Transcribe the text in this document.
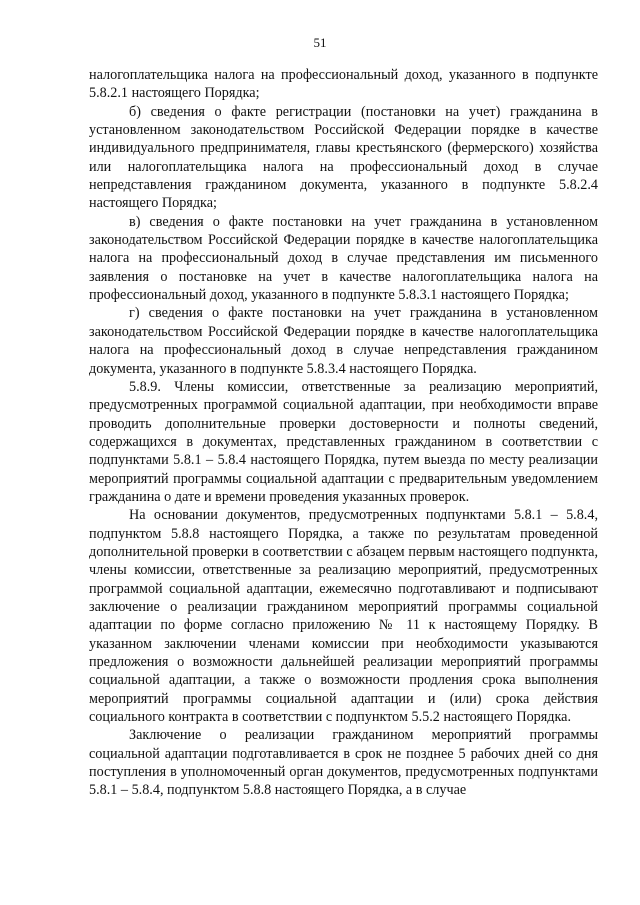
51

налогоплательщика налога на профессиональный доход, указанного в подпункте 5.8.2.1 настоящего Порядка;

б) сведения о факте регистрации (постановки на учет) гражданина в установленном законодательством Российской Федерации порядке в качестве индивидуального предпринимателя, главы крестьянского (фермерского) хозяйства или налогоплательщика налога на профессиональный доход в случае непредставления гражданином документа, указанного в подпункте 5.8.2.4 настоящего Порядка;

в) сведения о факте постановки на учет гражданина в установленном законодательством Российской Федерации порядке в качестве налогоплательщика налога на профессиональный доход в случае представления им письменного заявления о постановке на учет в качестве налогоплательщика налога на профессиональный доход, указанного в подпункте 5.8.3.1 настоящего Порядка;

г) сведения о факте постановки на учет гражданина в установленном законодательством Российской Федерации порядке в качестве налогоплательщика налога на профессиональный доход в случае непредставления гражданином документа, указанного в подпункте 5.8.3.4 настоящего Порядка.

5.8.9. Члены комиссии, ответственные за реализацию мероприятий, предусмотренных программой социальной адаптации, при необходимости вправе проводить дополнительные проверки достоверности и полноты сведений, содержащихся в документах, представленных гражданином в соответствии с подпунктами 5.8.1 – 5.8.4 настоящего Порядка, путем выезда по месту реализации мероприятий программы социальной адаптации с предварительным уведомлением гражданина о дате и времени проведения указанных проверок.

На основании документов, предусмотренных подпунктами 5.8.1 – 5.8.4, подпунктом 5.8.8 настоящего Порядка, а также по результатам проведенной дополнительной проверки в соответствии с абзацем первым настоящего подпункта, члены комиссии, ответственные за реализацию мероприятий, предусмотренных программой социальной адаптации, ежемесячно подготавливают и подписывают заключение о реализации гражданином мероприятий программы социальной адаптации по форме согласно приложению № 11 к настоящему Порядку. В указанном заключении членами комиссии при необходимости указываются предложения о возможности дальнейшей реализации мероприятий программы социальной адаптации, а также о возможности продления срока выполнения мероприятий программы социальной адаптации и (или) срока действия социального контракта в соответствии с подпунктом 5.5.2 настоящего Порядка.

Заключение о реализации гражданином мероприятий программы социальной адаптации подготавливается в срок не позднее 5 рабочих дней со дня поступления в уполномоченный орган документов, предусмотренных подпунктами 5.8.1 – 5.8.4, подпунктом 5.8.8 настоящего Порядка, а в случае
